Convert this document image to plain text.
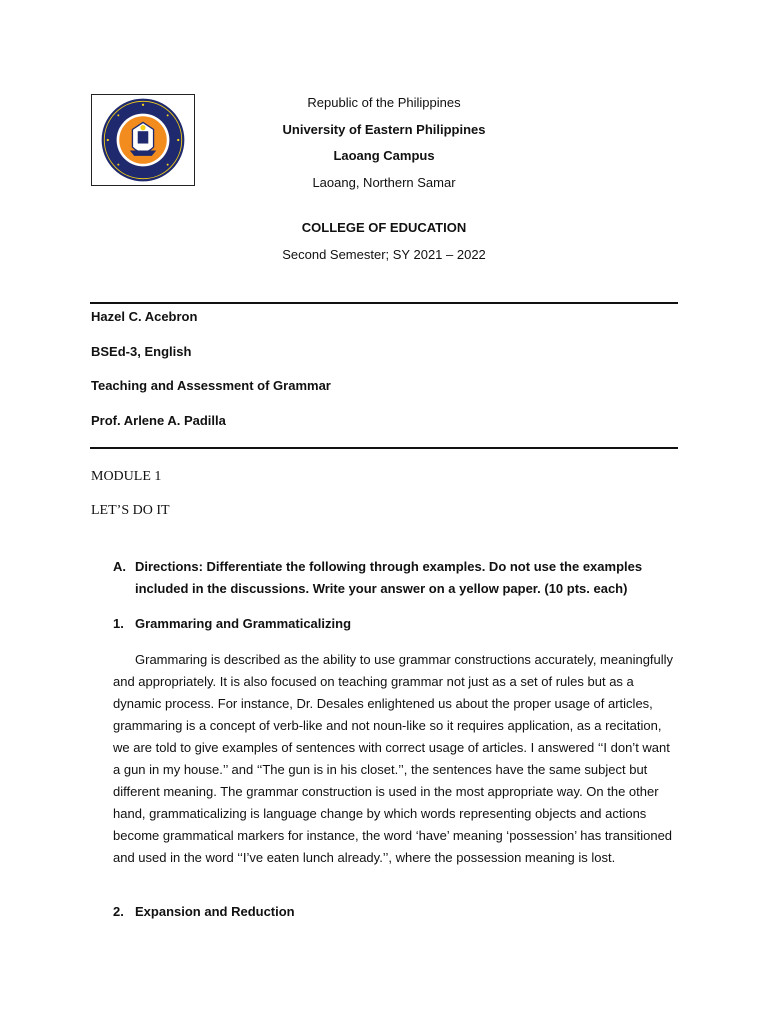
Republic of the Philippines
University of Eastern Philippines
Laoang Campus
Laoang, Northern Samar
COLLEGE OF EDUCATION
Second Semester; SY 2021 – 2022
Hazel C. Acebron
BSEd-3, English
Teaching and Assessment of Grammar
Prof. Arlene A. Padilla
MODULE 1
LET’S DO IT
A. Directions: Differentiate the following through examples. Do not use the examples included in the discussions. Write your answer on a yellow paper. (10 pts. each)
1. Grammaring and Grammaticalizing

Grammaring is described as the ability to use grammar constructions accurately, meaningfully and appropriately. It is also focused on teaching grammar not just as a set of rules but as a dynamic process. For instance, Dr. Desales enlightened us about the proper usage of articles, grammaring is a concept of verb-like and not noun-like so it requires application, as a recitation, we are told to give examples of sentences with correct usage of articles. I answered ‘‘I don’t want a gun in my house.’’ and ‘‘The gun is in his closet.’’, the sentences have the same subject but different meaning. The grammar construction is used in the most appropriate way. On the other hand, grammaticalizing is language change by which words representing objects and actions become grammatical markers for instance, the word ‘have’ meaning ‘possession’ has transitioned and used in the word ‘‘I’ve eaten lunch already.’’, where the possession meaning is lost.

2. Expansion and Reduction
